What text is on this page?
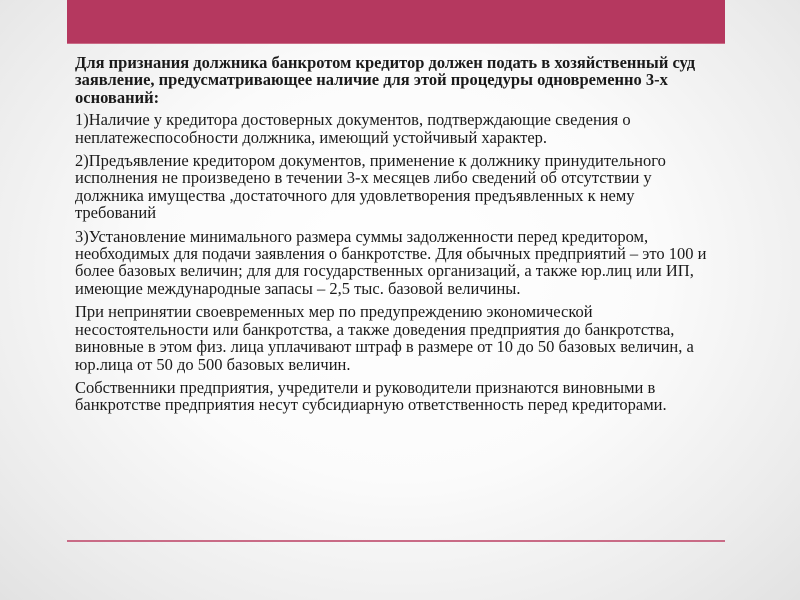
Для признания должника банкротом кредитор должен подать в хозяйственный суд заявление, предусматривающее наличие для этой процедуры одновременно 3-х оснований:

1)Наличие у кредитора достоверных документов, подтверждающие сведения о неплатежеспособности должника, имеющий устойчивый характер.

2)Предъявление кредитором документов, применение к должнику принудительного исполнения не произведено в течении 3-х месяцев либо сведений об отсутствии у должника имущества ,достаточного для удовлетворения предъявленных к нему требований

3)Установление минимального размера суммы задолженности перед кредитором, необходимых для подачи заявления о банкротстве. Для обычных предприятий – это 100 и более базовых величин; для для государственных организаций, а также юр.лиц или ИП, имеющие международные запасы – 2,5 тыс. базовой величины.

При непринятии своевременных мер по предупреждению экономической несостоятельности или банкротства, а также доведения предприятия до банкротства, виновные в этом физ. лица уплачивают штраф в размере от 10 до 50 базовых величин, а юр.лица от 50 до 500 базовых величин.

Собственники предприятия, учредители и руководители признаются виновными в банкротстве предприятия несут субсидиарную ответственность перед кредиторами.
